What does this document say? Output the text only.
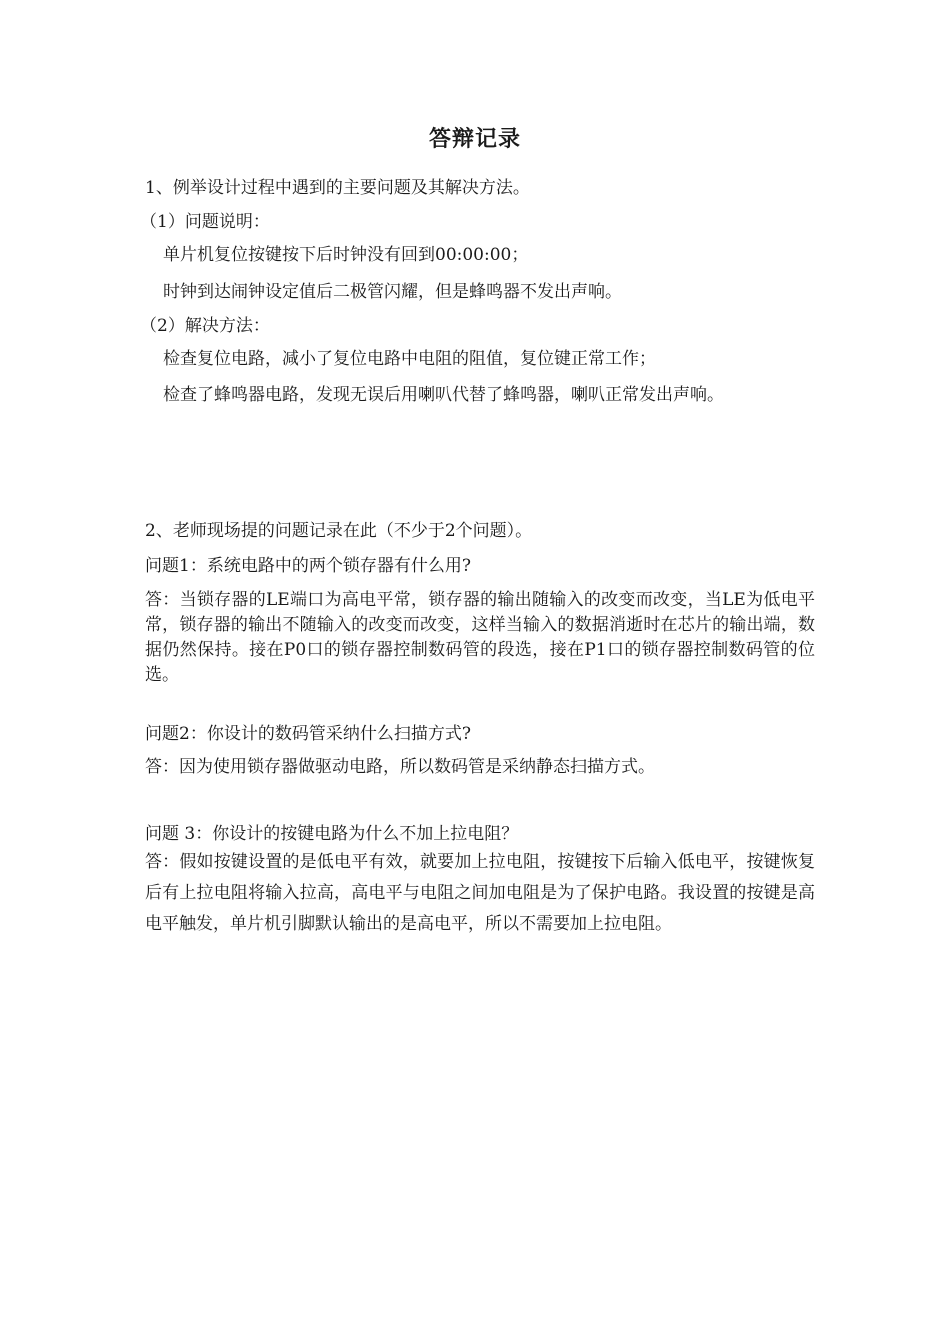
答辩记录
1、例举设计过程中遇到的主要问题及其解决方法。
（1）问题说明：
单片机复位按键按下后时钟没有回到00:00:00；
时钟到达闹钟设定值后二极管闪耀，但是蜂鸣器不发出声响。
（2）解决方法：
检查复位电路，减小了复位电路中电阻的阻值，复位键正常工作；
检查了蜂鸣器电路，发现无误后用喇叭代替了蜂鸣器，喇叭正常发出声响。
2、老师现场提的问题记录在此（不少于2个问题）。
问题1：系统电路中的两个锁存器有什么用?
答：当锁存器的LE端口为高电平常，锁存器的输出随输入的改变而改变，当LE为低电平常，锁存器的输出不随输入的改变而改变，这样当输入的数据消逝时在芯片的输出端，数据仍然保持。接在P0口的锁存器控制数码管的段选，接在P1口的锁存器控制数码管的位选。
问题2：你设计的数码管采纳什么扫描方式?
答：因为使用锁存器做驱动电路，所以数码管是采纳静态扫描方式。
问题 3：你设计的按键电路为什么不加上拉电阻？
答：假如按键设置的是低电平有效，就要加上拉电阻，按键按下后输入低电平，按键恢复后有上拉电阻将输入拉高，高电平与电阻之间加电阻是为了保护电路。我设置的按键是高电平触发，单片机引脚默认输出的是高电平，所以不需要加上拉电阻。
